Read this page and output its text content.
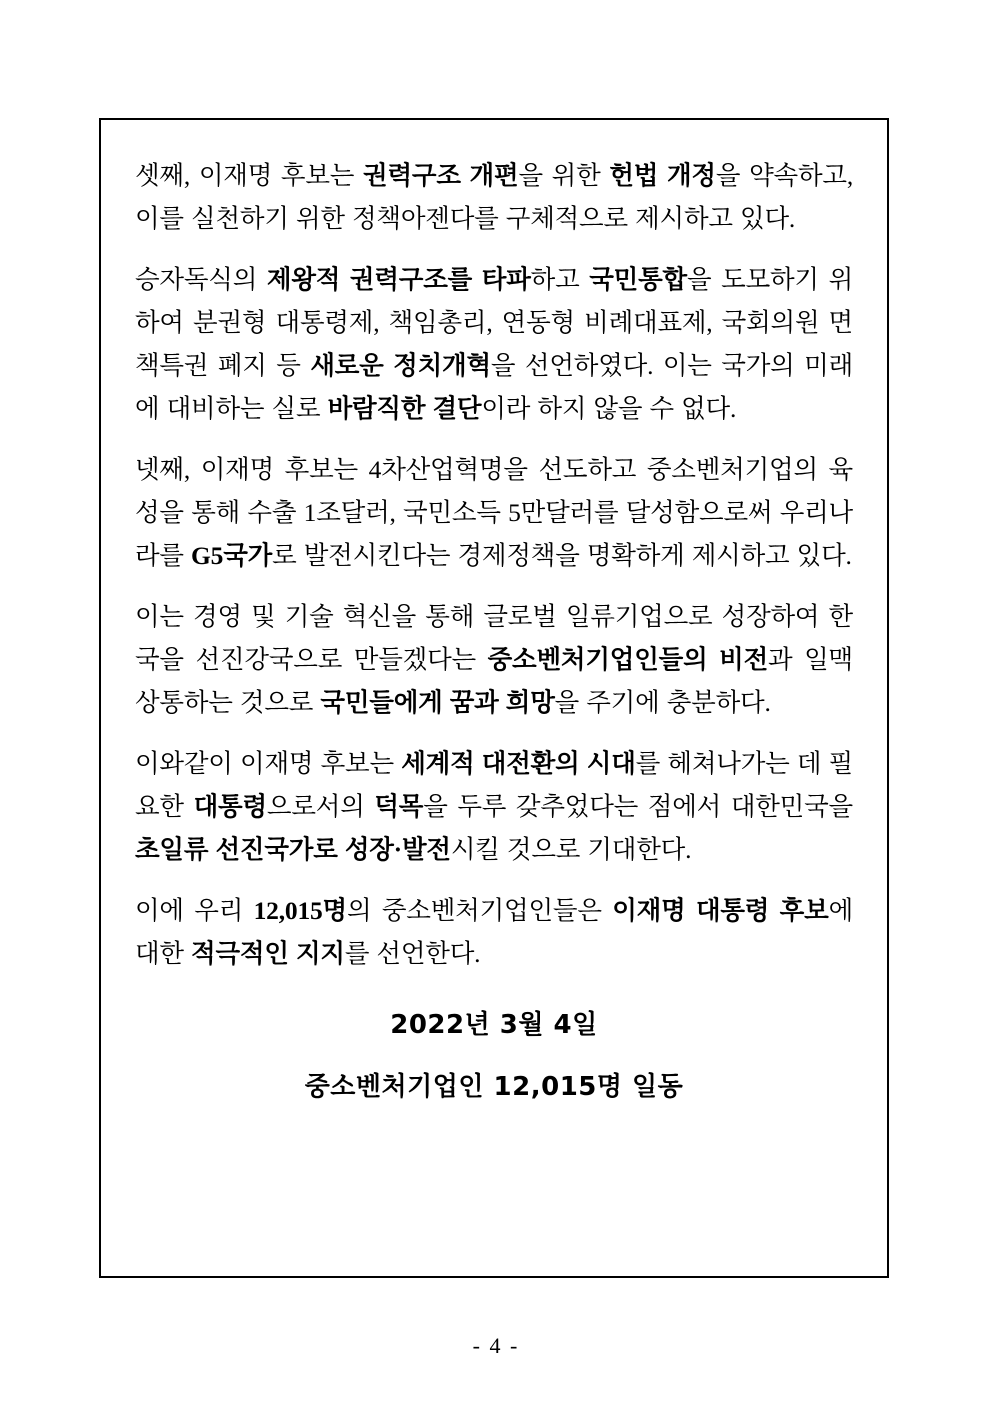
셋째, 이재명 후보는 권력구조 개편을 위한 헌법 개정을 약속하고, 이를 실천하기 위한 정책아젠다를 구체적으로 제시하고 있다.

승자독식의 제왕적 권력구조를 타파하고 국민통합을 도모하기 위하여 분권형 대통령제, 책임총리, 연동형 비례대표제, 국회의원 면책특권 폐지 등 새로운 정치개혁을 선언하였다. 이는 국가의 미래에 대비하는 실로 바람직한 결단이라 하지 않을 수 없다.

넷째, 이재명 후보는 4차산업혁명을 선도하고 중소벤처기업의 육성을 통해 수출 1조달러, 국민소득 5만달러를 달성함으로써 우리나라를 G5국가로 발전시킨다는 경제정책을 명확하게 제시하고 있다.

이는 경영 및 기술 혁신을 통해 글로벌 일류기업으로 성장하여 한국을 선진강국으로 만들겠다는 중소벤처기업인들의 비전과 일맥상통하는 것으로 국민들에게 꿈과 희망을 주기에 충분하다.

이와같이 이재명 후보는 세계적 대전환의 시대를 헤쳐나가는 데 필요한 대통령으로서의 덕목을 두루 갖추었다는 점에서 대한민국을 초일류 선진국가로 성장·발전시킬 것으로 기대한다.

이에 우리 12,015명의 중소벤처기업인들은 이재명 대통령 후보에 대한 적극적인 지지를 선언한다.

2022년 3월 4일
중소벤처기업인 12,015명 일동
- 4 -
